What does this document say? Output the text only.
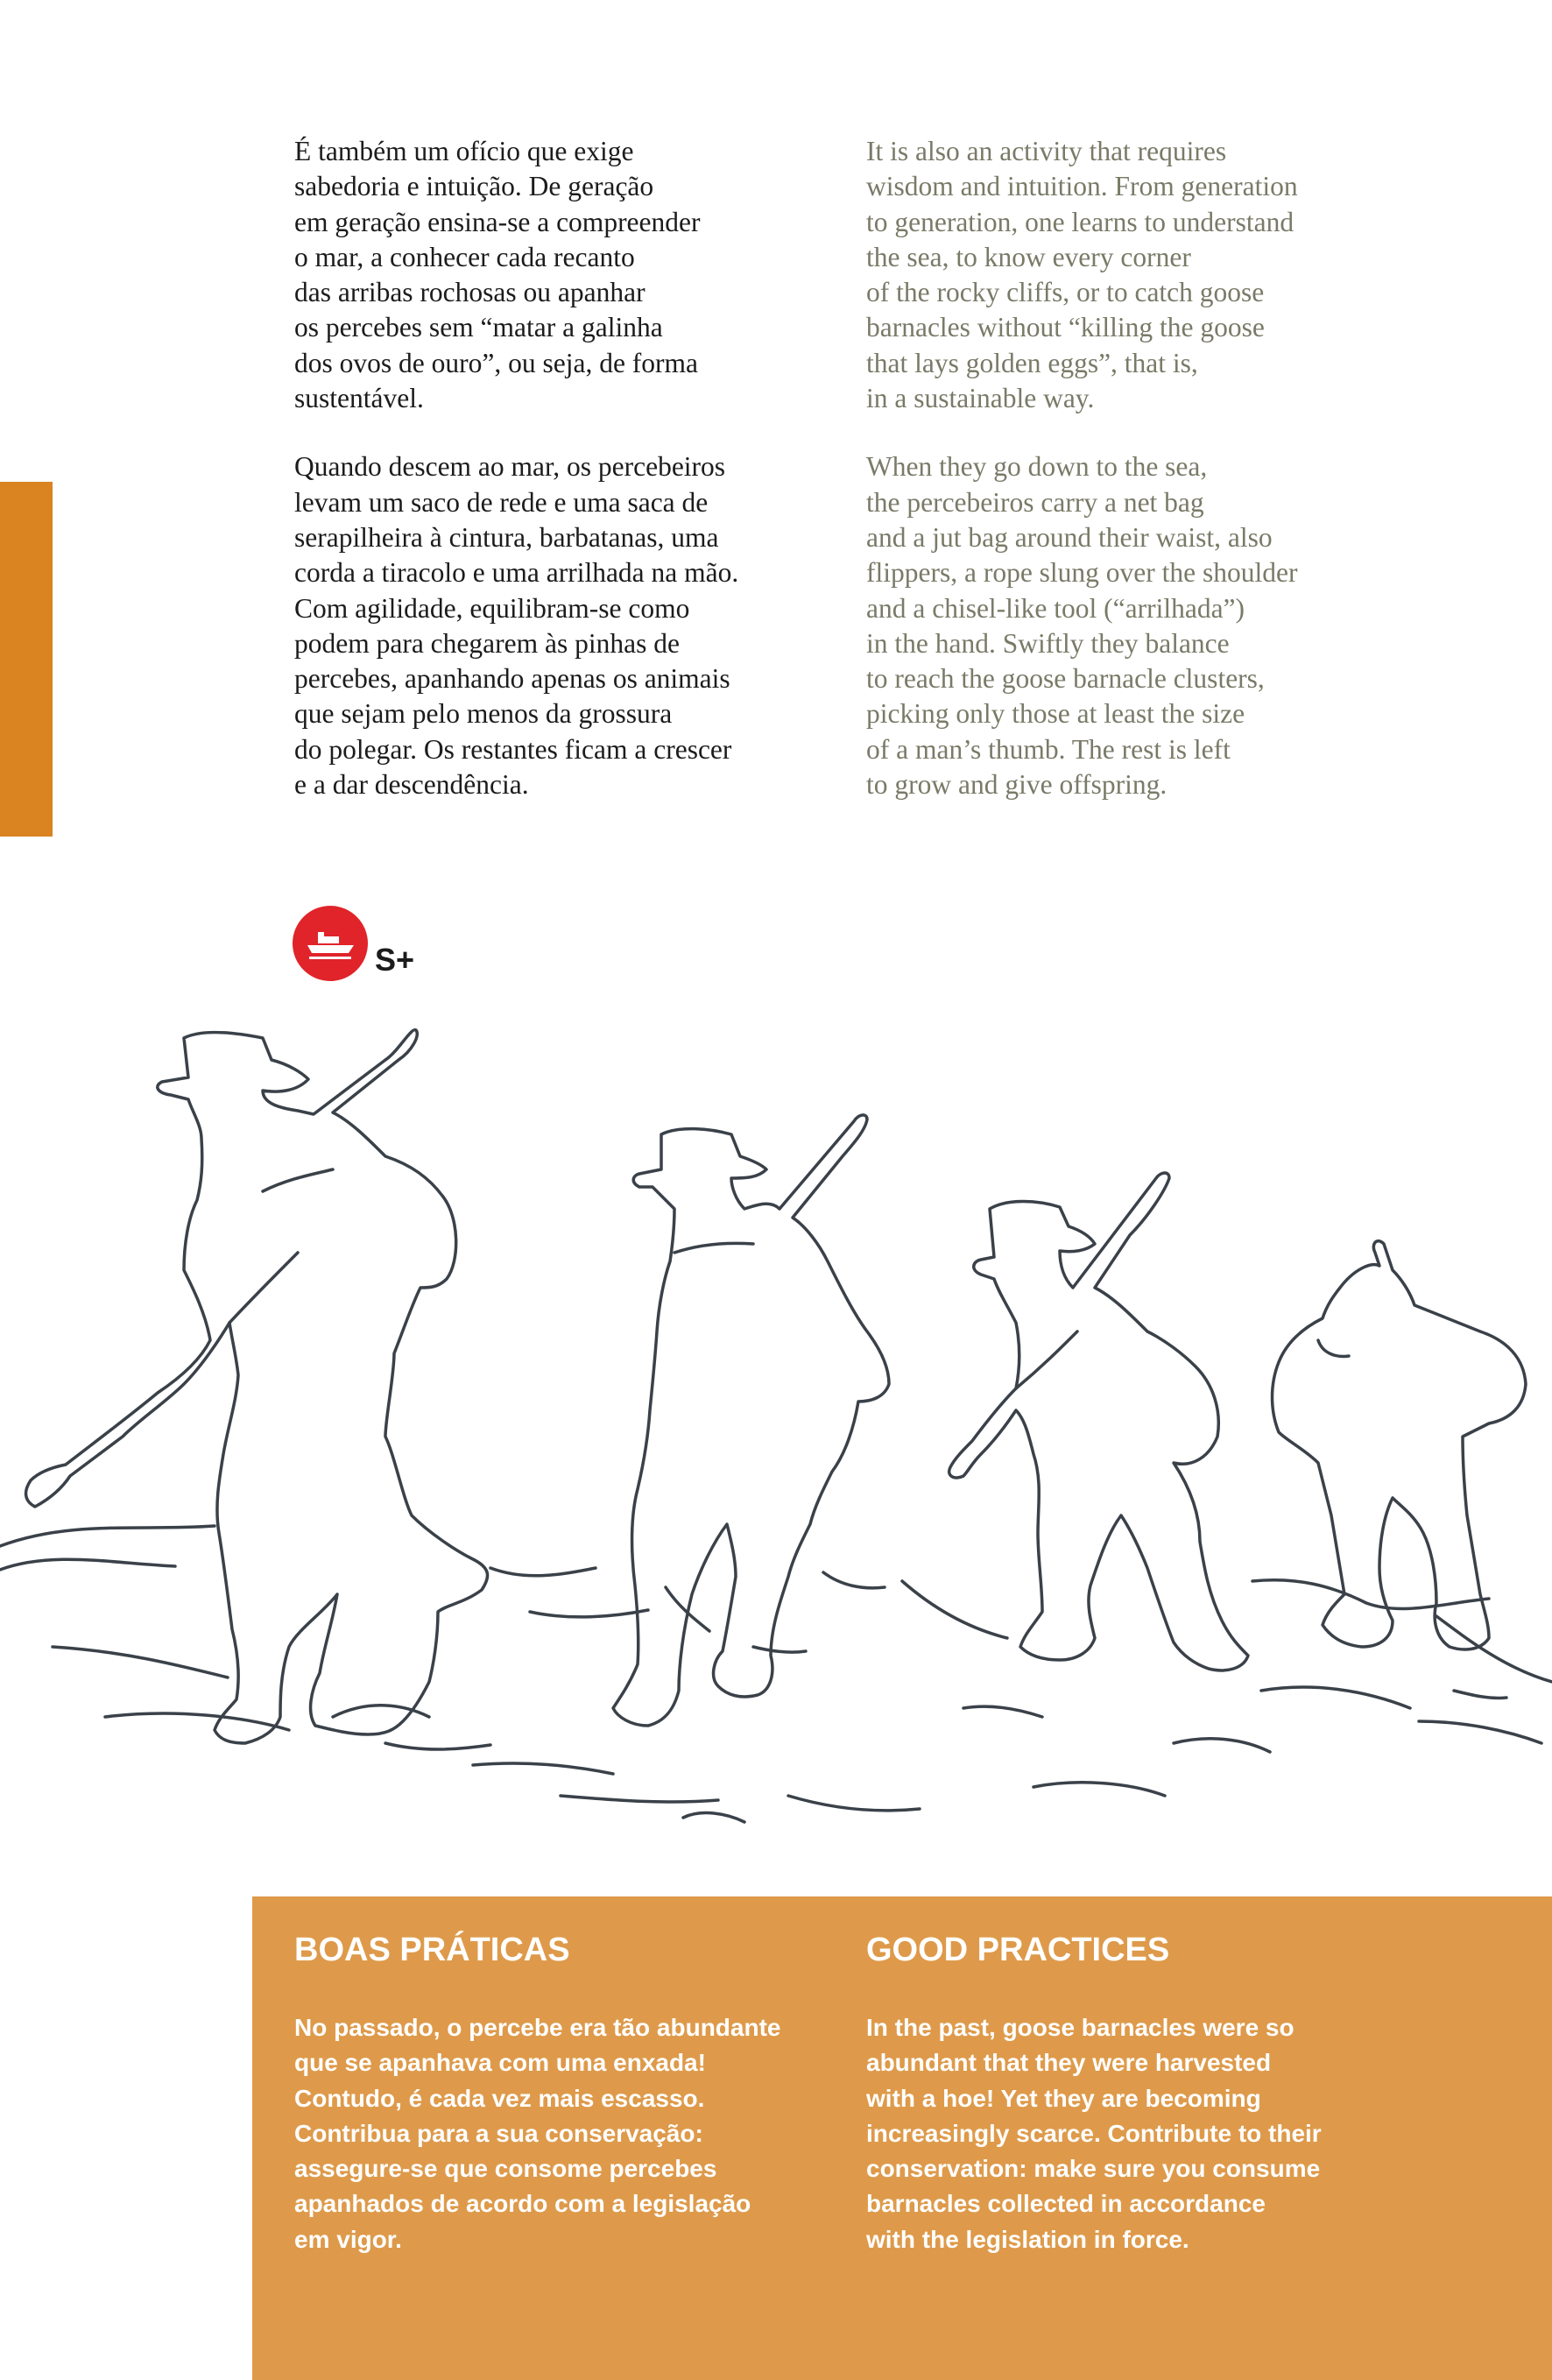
É também um ofício que exige
sabedoria e intuição. De geração
em geração ensina-se a compreender
o mar, a conhecer cada recanto
das arribas rochosas ou apanhar
os percebes sem “matar a galinha
dos ovos de ouro”, ou seja, de forma
sustentável.

Quando descem ao mar, os percebeiros
levam um saco de rede e uma saca de
serapilheira à cintura, barbatanas, uma
corda a tiracolo e uma arrilhada na mão.
Com agilidade, equilibram-se como
podem para chegarem às pinhas de
percebes, apanhando apenas os animais
que sejam pelo menos da grossura
do polegar. Os restantes ficam a crescer
e a dar descendência.

It is also an activity that requires
wisdom and intuition. From generation
to generation, one learns to understand
the sea, to know every corner
of the rocky cliffs, or to catch goose
barnacles without “killing the goose
that lays golden eggs”, that is,
in a sustainable way.

When they go down to the sea,
the percebeiros carry a net bag
and a jut bag around their waist, also
flippers, a rope slung over the shoulder
and a chisel-like tool (“arrilhada”)
in the hand. Swiftly they balance
to reach the goose barnacle clusters,
picking only those at least the size
of a man’s thumb. The rest is left
to grow and give offspring.

S+
BOAS PRÁTICAS	GOOD PRACTICES
No passado, o percebe era tão abundante
que se apanhava com uma enxada!
Contudo, é cada vez mais escasso.
Contribua para a sua conservação:
assegure-se que consome percebes
apanhados de acordo com a legislação
em vigor.
In the past, goose barnacles were so
abundant that they were harvested
with a hoe! Yet they are becoming
increasingly scarce. Contribute to their
conservation: make sure you consume
barnacles collected in accordance
with the legislation in force.
